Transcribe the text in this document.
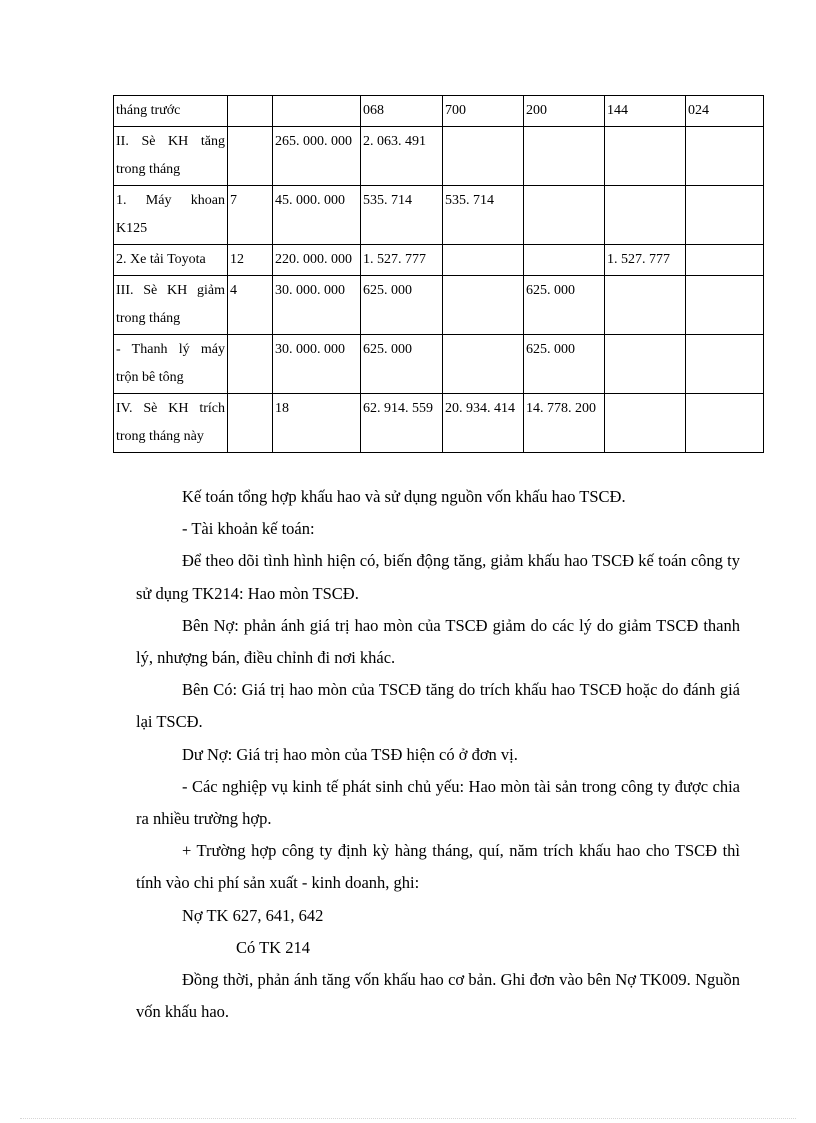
tháng trước			068	700	200	144	024
II. Sè KH tăng trong tháng		265. 000. 000	2. 063. 491				
1. Máy khoan K125	7	45. 000. 000	535. 714	535. 714			
2. Xe tải Toyota	12	220. 000. 000	1. 527. 777			1. 527. 777	
III. Sè KH giảm trong tháng	4	30. 000. 000	625. 000		625. 000		
- Thanh lý máy trộn bê tông		30. 000. 000	625. 000		625. 000		
IV. Sè KH trích trong tháng này		18	62. 914. 559	20. 934. 414	14. 778. 200		

Kế toán tổng hợp khấu hao và sử dụng nguồn vốn khấu hao TSCĐ.

- Tài khoản kế toán:

Để theo dõi tình hình hiện có, biến động tăng, giảm khấu hao TSCĐ kế toán công ty sử dụng TK214: Hao mòn TSCĐ.

Bên Nợ: phản ánh giá trị hao mòn của TSCĐ giảm do các lý do giảm TSCĐ thanh lý, nhượng bán, điều chỉnh đi nơi khác.

Bên Có: Giá trị hao mòn của TSCĐ tăng do trích khấu hao TSCĐ hoặc do đánh giá lại TSCĐ.

Dư Nợ: Giá trị hao mòn của TSĐ hiện có ở đơn vị.

- Các nghiệp vụ kinh tế phát sinh chủ yếu: Hao mòn tài sản trong công ty được chia ra nhiều trường hợp.

+ Trường hợp công ty định kỳ hàng tháng, quí, năm trích khấu hao cho TSCĐ thì tính vào chi phí sản xuất - kinh doanh, ghi:

Nợ TK 627, 641, 642

Có TK 214

Đồng thời, phản ánh tăng vốn khấu hao cơ bản. Ghi đơn vào bên Nợ TK009. Nguồn vốn khấu hao.
